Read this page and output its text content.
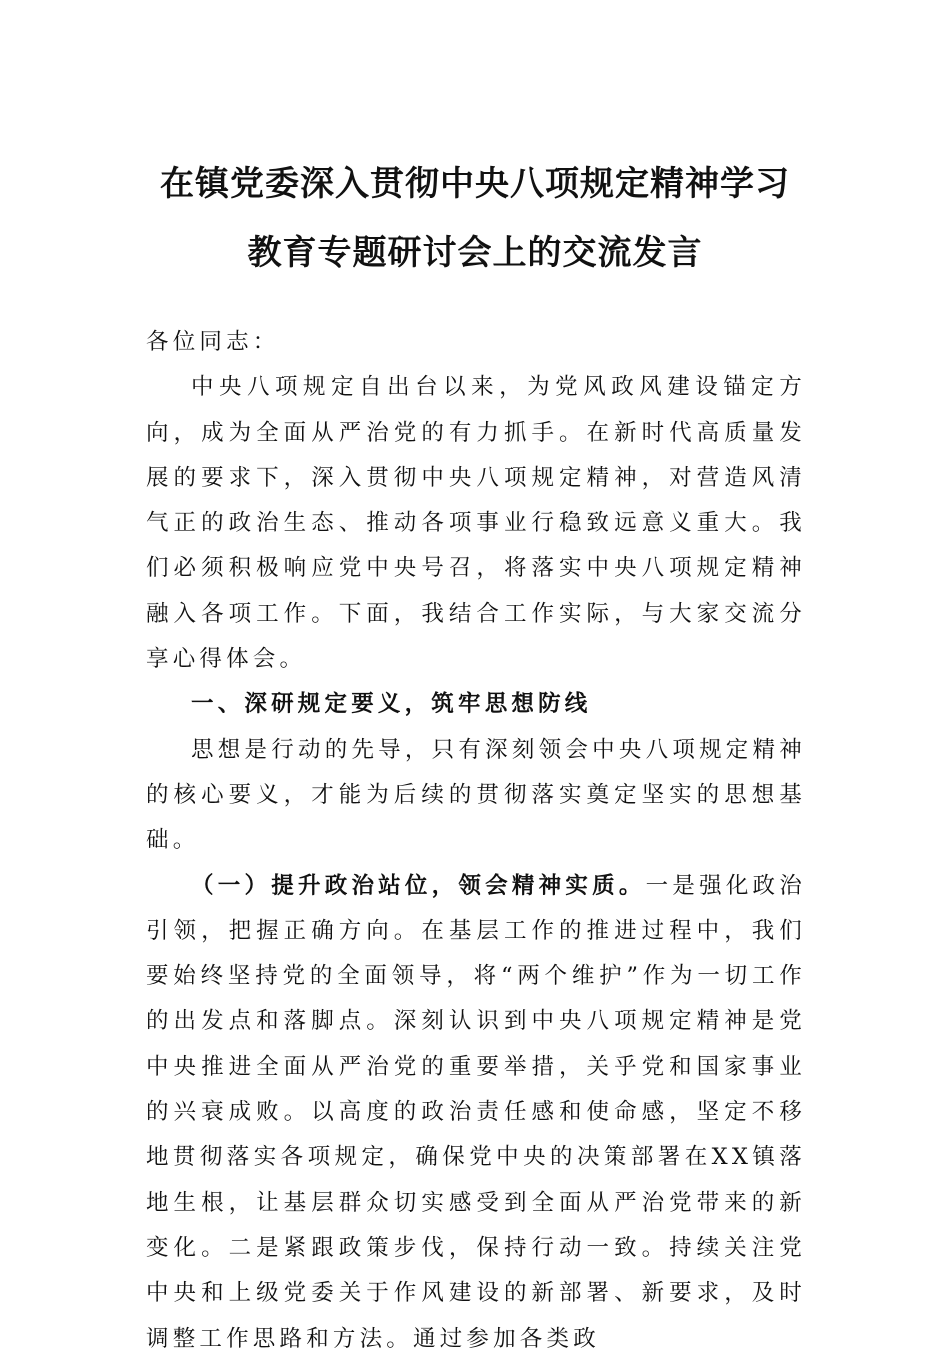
在镇党委深入贯彻中央八项规定精神学习
教育专题研讨会上的交流发言

各位同志：

中央八项规定自出台以来，为党风政风建设锚定方向，成为全面从严治党的有力抓手。在新时代高质量发展的要求下，深入贯彻中央八项规定精神，对营造风清气正的政治生态、推动各项事业行稳致远意义重大。我们必须积极响应党中央号召，将落实中央八项规定精神融入各项工作。下面，我结合工作实际，与大家交流分享心得体会。

一、深研规定要义，筑牢思想防线

思想是行动的先导，只有深刻领会中央八项规定精神的核心要义，才能为后续的贯彻落实奠定坚实的思想基础。

（一）提升政治站位，领会精神实质。一是强化政治引领，把握正确方向。在基层工作的推进过程中，我们要始终坚持党的全面领导，将“两个维护”作为一切工作的出发点和落脚点。深刻认识到中央八项规定精神是党中央推进全面从严治党的重要举措，关乎党和国家事业的兴衰成败。以高度的政治责任感和使命感，坚定不移地贯彻落实各项规定，确保党中央的决策部署在XX镇落地生根，让基层群众切实感受到全面从严治党带来的新变化。二是紧跟政策步伐，保持行动一致。持续关注党中央和上级党委关于作风建设的新部署、新要求，及时调整工作思路和方法。通过参加各类政
